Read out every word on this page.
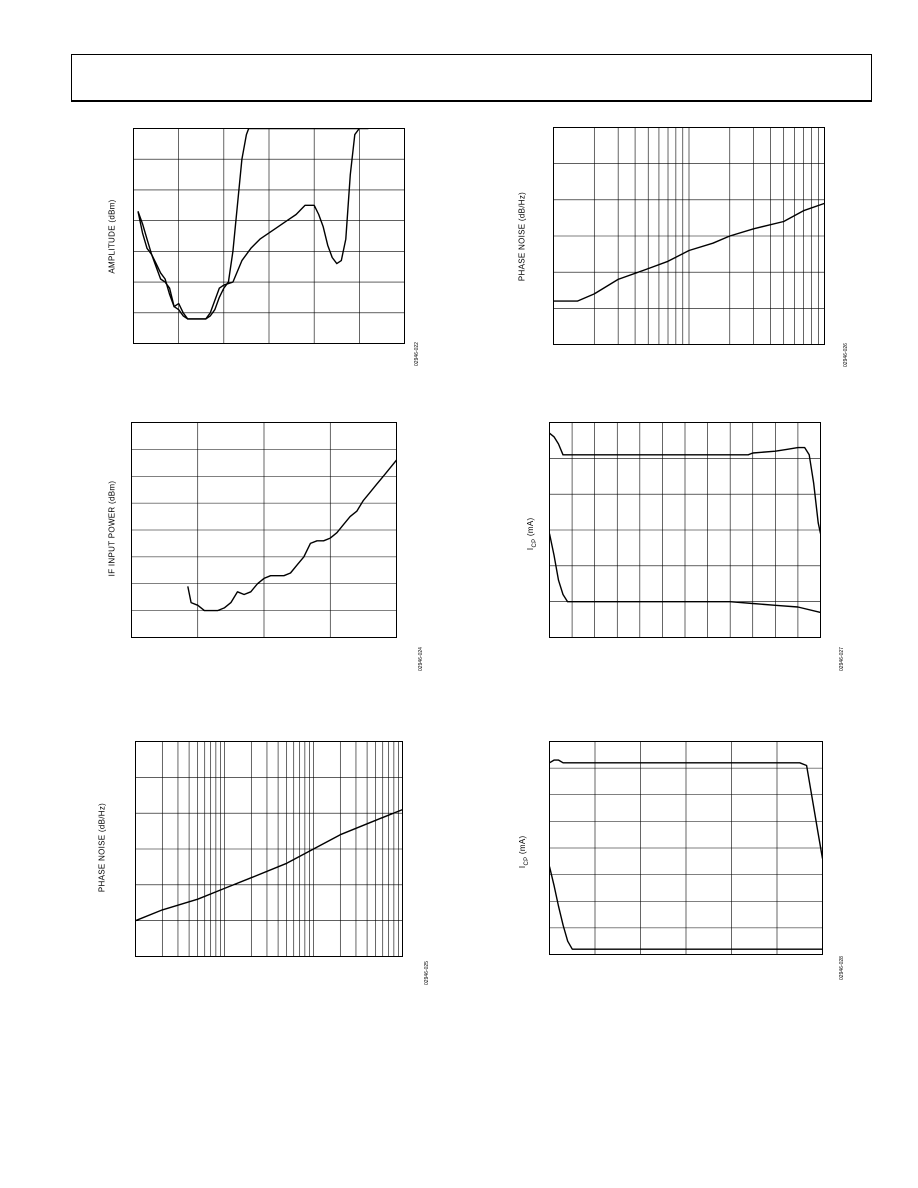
AMPLITUDE (dBm)
02946-022
PHASE NOISE (dB/Hz)
02946-026
IF INPUT POWER (dBm)
02946-024
$I_{CP}$ (mA)
02946-027
PHASE NOISE (dB/Hz)
02946-025
$I_{CP}$ (mA)
02946-028
